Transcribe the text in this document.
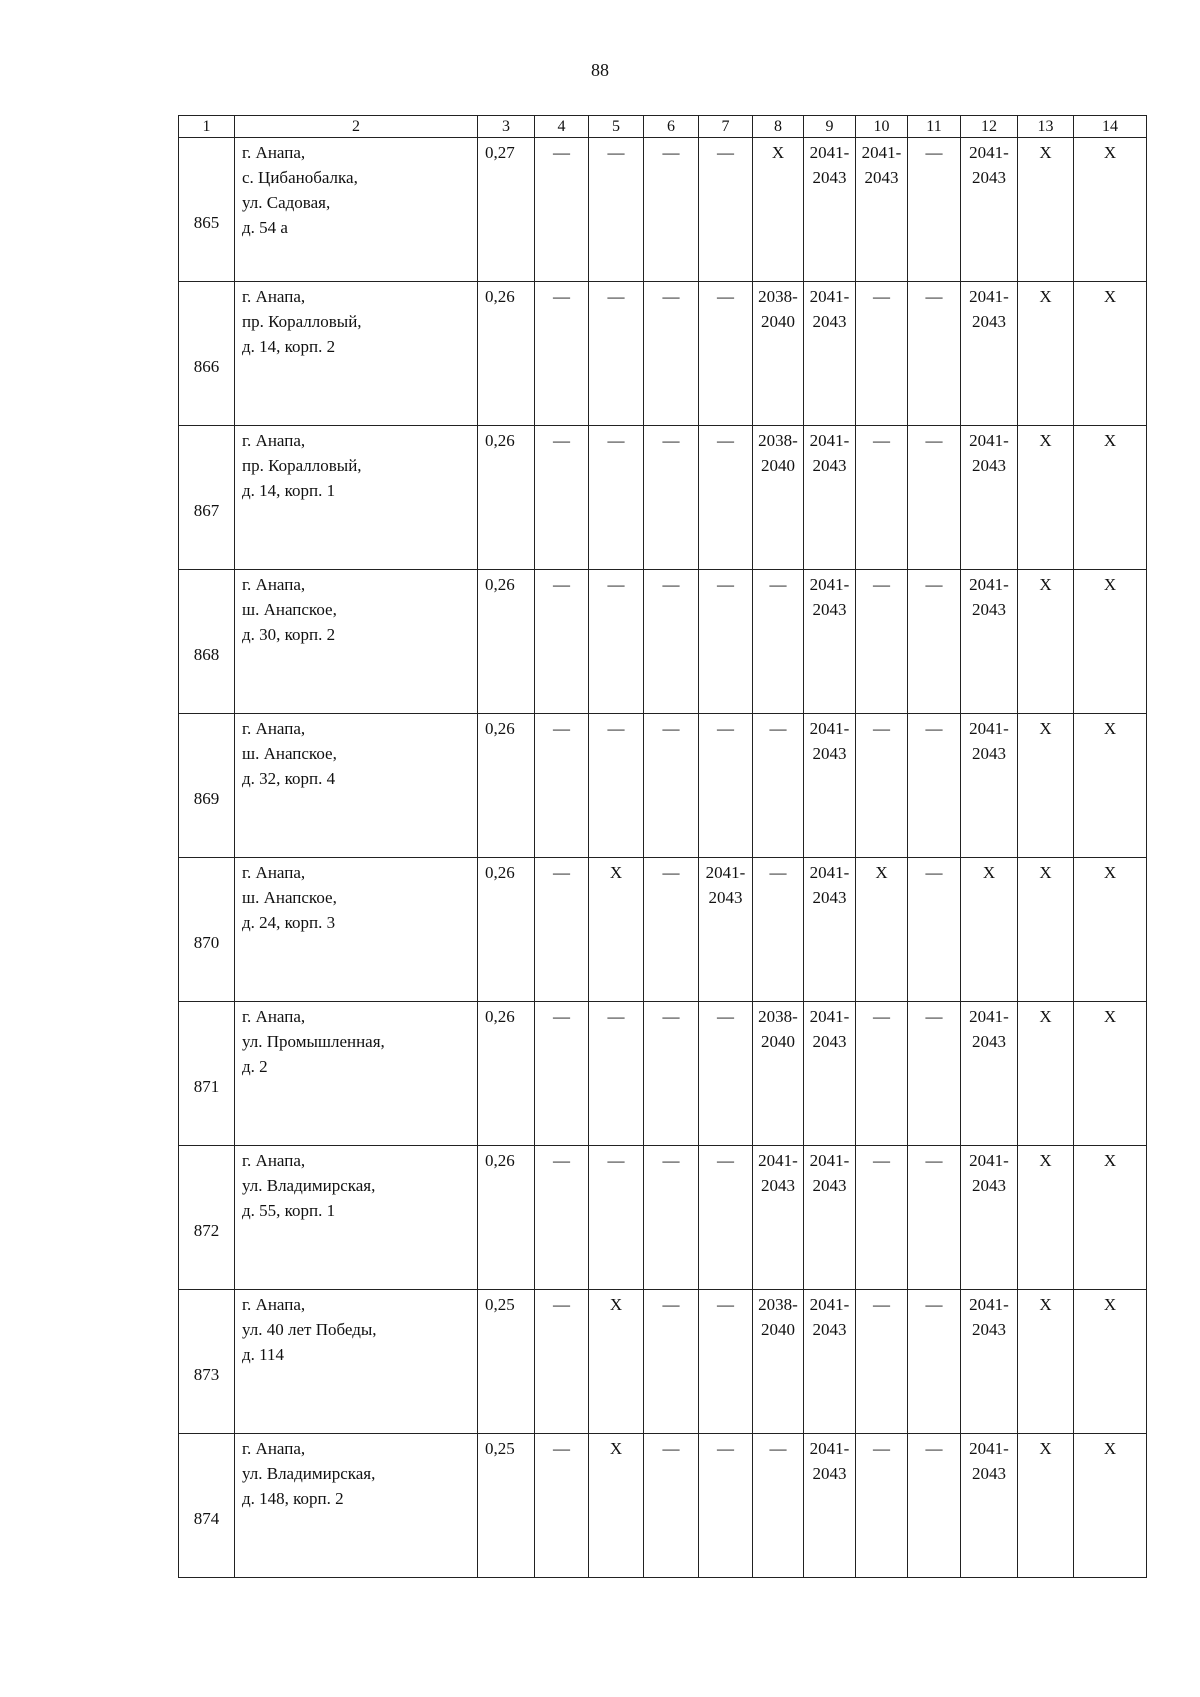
88
1	2	3	4	5	6	7	8	9	10	11	12	13	14
865	г. Анапа,
с. Цибанобалка,
ул. Садовая,
д. 54 а	0,27	—	—	—	—	X	2041-
2043	2041-
2043	—	2041-
2043	X	X

866	г. Анапа,
пр. Коралловый,
д. 14, корп. 2	0,26	—	—	—	—	2038-
2040	2041-
2043	—	—	2041-
2043	X	X

867	г. Анапа,
пр. Коралловый,
д. 14, корп. 1	0,26	—	—	—	—	2038-
2040	2041-
2043	—	—	2041-
2043	X	X

868	г. Анапа,
ш. Анапское,
д. 30, корп. 2	0,26	—	—	—	—	—	2041-
2043	—	—	2041-
2043	X	X

869	г. Анапа,
ш. Анапское,
д. 32, корп. 4	0,26	—	—	—	—	—	2041-
2043	—	—	2041-
2043	X	X

870	г. Анапа,
ш. Анапское,
д. 24, корп. 3	0,26	—	X	—	2041-
2043	—	2041-
2043	X	—	X	X	X

871	г. Анапа,
ул. Промышленная,
д. 2	0,26	—	—	—	—	2038-
2040	2041-
2043	—	—	2041-
2043	X	X

872	г. Анапа,
ул. Владимирская,
д. 55, корп. 1	0,26	—	—	—	—	2041-
2043	2041-
2043	—	—	2041-
2043	X	X

873	г. Анапа,
ул. 40 лет Победы,
д. 114	0,25	—	X	—	—	2038-
2040	2041-
2043	—	—	2041-
2043	X	X

874	г. Анапа,
ул. Владимирская,
д. 148, корп. 2	0,25	—	X	—	—	—	2041-
2043	—	—	2041-
2043	X	X
